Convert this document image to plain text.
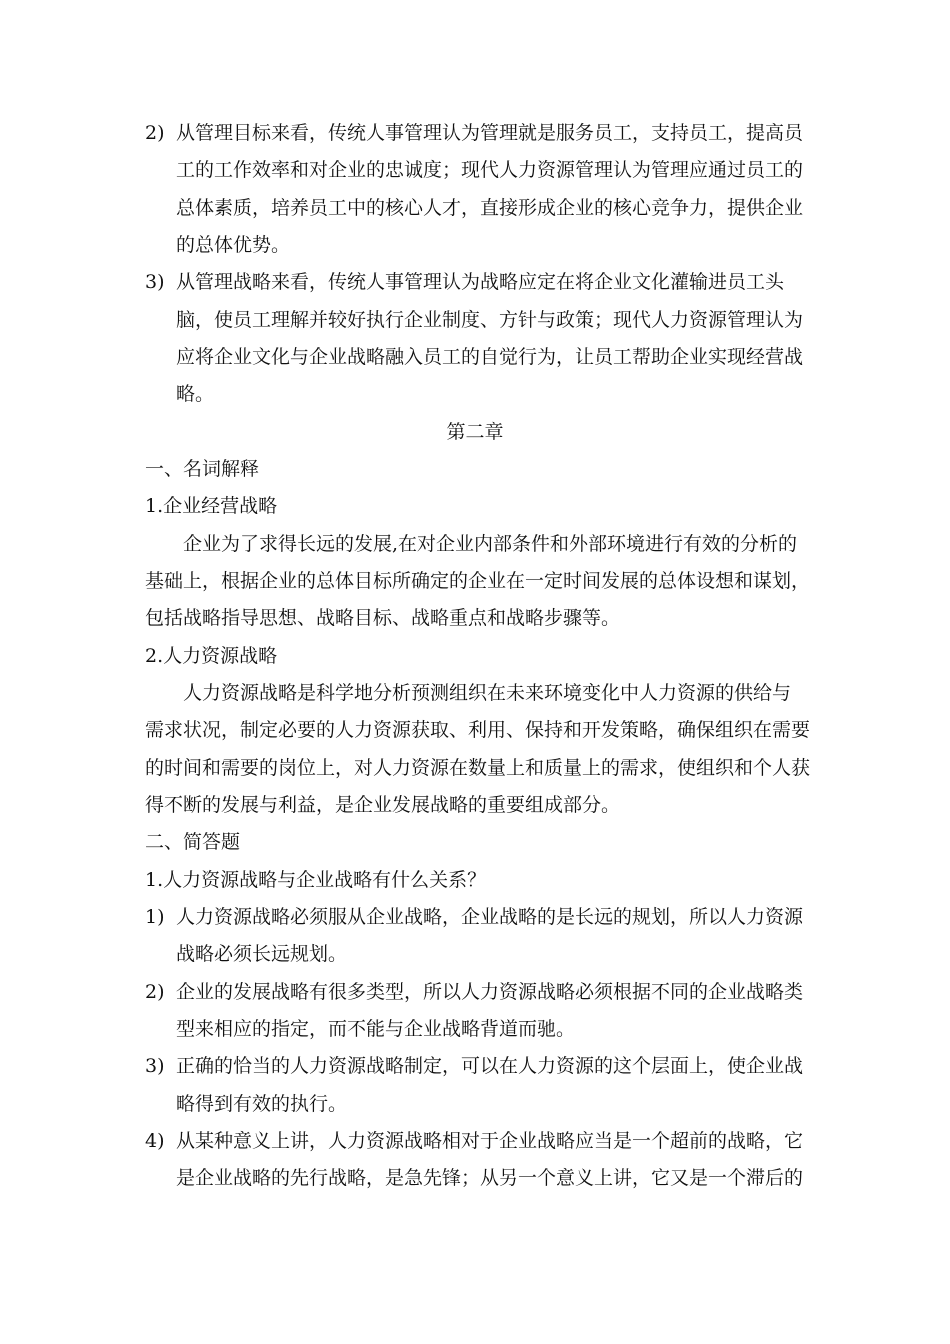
2) 从管理目标来看，传统人事管理认为管理就是服务员工，支持员工，提高员
工的工作效率和对企业的忠诚度；现代人力资源管理认为管理应通过员工的
总体素质，培养员工中的核心人才，直接形成企业的核心竞争力，提供企业
的总体优势。
3) 从管理战略来看，传统人事管理认为战略应定在将企业文化灌输进员工头
脑，使员工理解并较好执行企业制度、方针与政策；现代人力资源管理认为
应将企业文化与企业战略融入员工的自觉行为，让员工帮助企业实现经营战
略。
第二章
一、名词解释
1.企业经营战略
企业为了求得长远的发展,在对企业内部条件和外部环境进行有效的分析的
基础上，根据企业的总体目标所确定的企业在一定时间发展的总体设想和谋划，
包括战略指导思想、战略目标、战略重点和战略步骤等。
2.人力资源战略
人力资源战略是科学地分析预测组织在未来环境变化中人力资源的供给与
需求状况，制定必要的人力资源获取、利用、保持和开发策略，确保组织在需要
的时间和需要的岗位上，对人力资源在数量上和质量上的需求，使组织和个人获
得不断的发展与利益，是企业发展战略的重要组成部分。
二、简答题
1.人力资源战略与企业战略有什么关系？
1) 人力资源战略必须服从企业战略，企业战略的是长远的规划，所以人力资源
战略必须长远规划。
2) 企业的发展战略有很多类型，所以人力资源战略必须根据不同的企业战略类
型来相应的指定，而不能与企业战略背道而驰。
3) 正确的恰当的人力资源战略制定，可以在人力资源的这个层面上，使企业战
略得到有效的执行。
4) 从某种意义上讲，人力资源战略相对于企业战略应当是一个超前的战略，它
是企业战略的先行战略，是急先锋；从另一个意义上讲，它又是一个滞后的
